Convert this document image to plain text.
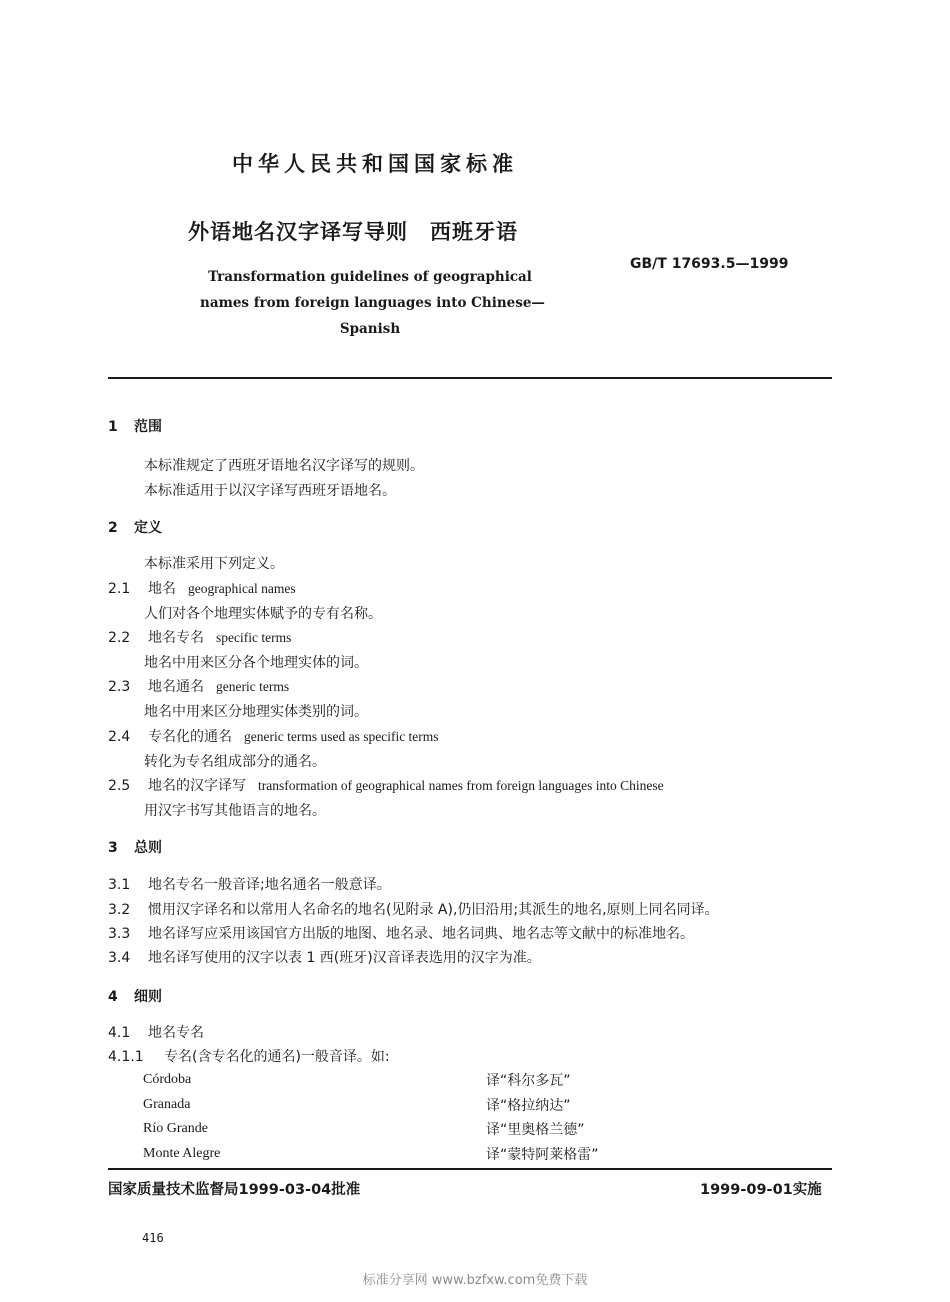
中华人民共和国国家标准
外语地名汉字译写导则　西班牙语
GB/T 17693.5—1999
Transformation guidelines of geographical
names from foreign languages into Chinese—
Spanish
1 范围
本标准规定了西班牙语地名汉字译写的规则。
本标准适用于以汉字译写西班牙语地名。
2 定义
本标准采用下列定义。
2.1 地名 geographical names
人们对各个地理实体赋予的专有名称。
2.2 地名专名 specific terms
地名中用来区分各个地理实体的词。
2.3 地名通名 generic terms
地名中用来区分地理实体类别的词。
2.4 专名化的通名 generic terms used as specific terms
转化为专名组成部分的通名。
2.5 地名的汉字译写 transformation of geographical names from foreign languages into Chinese
用汉字书写其他语言的地名。
3 总则
3.1 地名专名一般音译;地名通名一般意译。
3.2 惯用汉字译名和以常用人名命名的地名(见附录 A),仍旧沿用;其派生的地名,原则上同名同译。
3.3 地名译写应采用该国官方出版的地图、地名录、地名词典、地名志等文献中的标准地名。
3.4 地名译写使用的汉字以表 1 西(班牙)汉音译表选用的汉字为准。
4 细则
4.1 地名专名
4.1.1 专名(含专名化的通名)一般音译。如:
Córdoba	译“科尔多瓦”
Granada	译“格拉纳达”
Río Grande	译“里奥格兰德”
Monte Alegre	译“蒙特阿莱格雷”
国家质量技术监督局1999-03-04批准	1999-09-01实施
416
标准分享网 www.bzfxw.com免费下载
